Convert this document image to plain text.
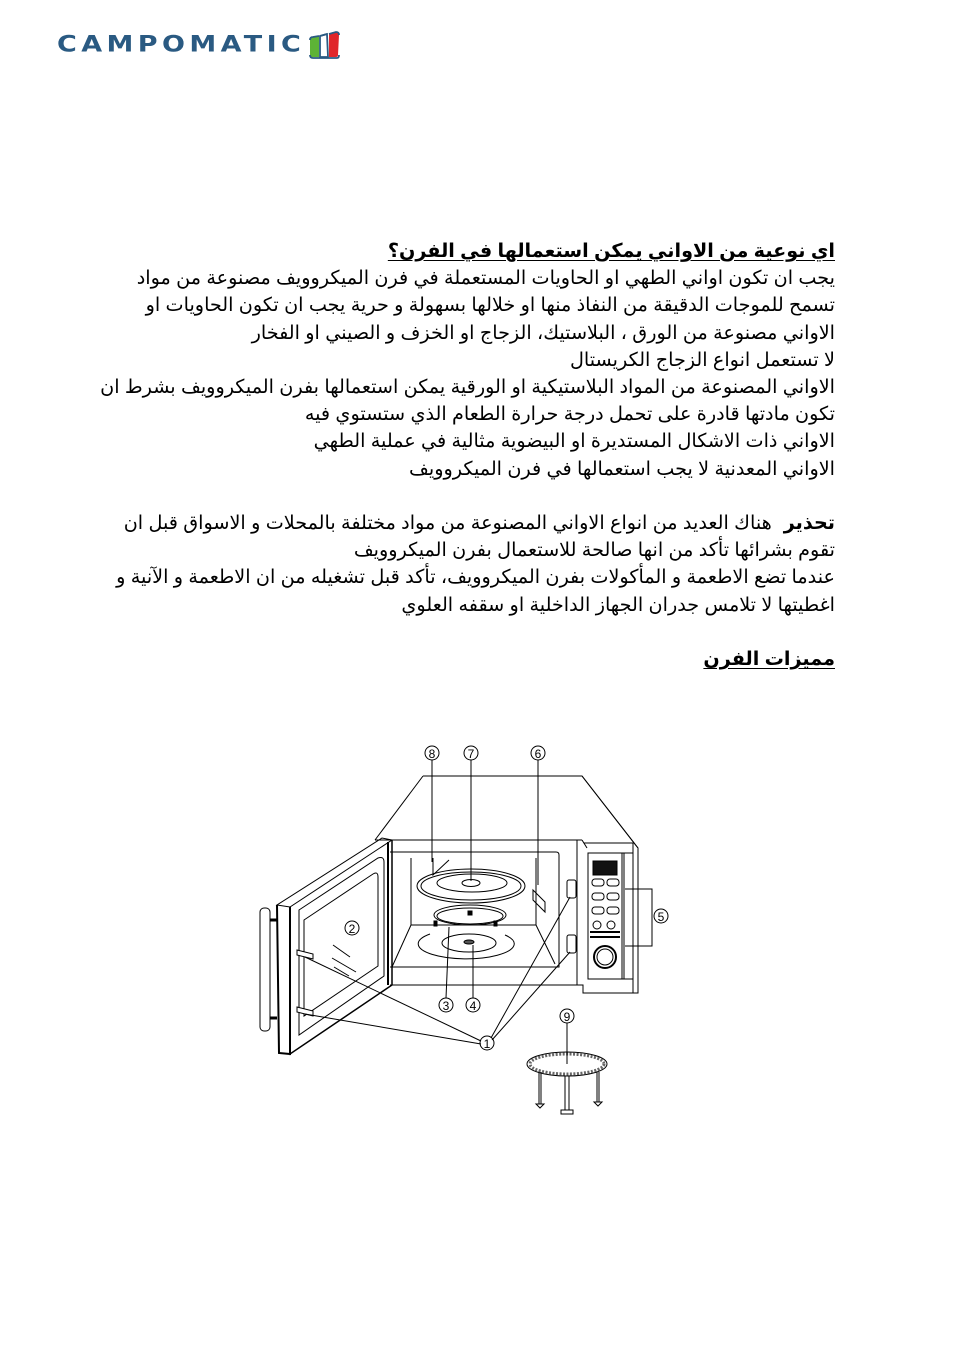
CAMPOMATIC

اي نوعية من الاواني يمكن استعمالها في الفرن؟

يجب ان تكون اواني الطهي او الحاويات المستعملة في فرن الميكروويف مصنوعة من مواد

تسمح للموجات الدقيقة من النفاذ منها او خلالها بسهولة و حرية يجب ان تكون الحاويات او

الاواني مصنوعة من الورق ، البلاستيك، الزجاج او الخزف و الصيني او الفخار

لا تستعمل انواع الزجاج الكريستال

الاواني المصنوعة من المواد البلاستيكية او الورقية يمكن استعمالها بفرن الميكروويف بشرط ان

تكون مادتها قادرة على تحمل درجة حرارة الطعام الذي ستستوي فيه

الاواني ذات الاشكال المستديرة او البيضوية مثالية في عملية الطهي

الاواني المعدنية لا يجب استعمالها في فرن الميكروويف

تحذيرهناك العديد من انواع الاواني المصنوعة من مواد مختلفة بالمحلات و الاسواق قبل ان

تقوم بشرائها تأكد من انها صالحة للاستعمال بفرن الميكروويف

عندما تضع الاطعمة و المأكولات بفرن الميكروويف، تأكد قبل تشغيله من ان الاطعمة و الآنية و

اغطيتها لا تلامس جدران الجهاز الداخلية او سقفه العلوي

مميزات الفرن

1
2
3 4
5
6
7
8
9
